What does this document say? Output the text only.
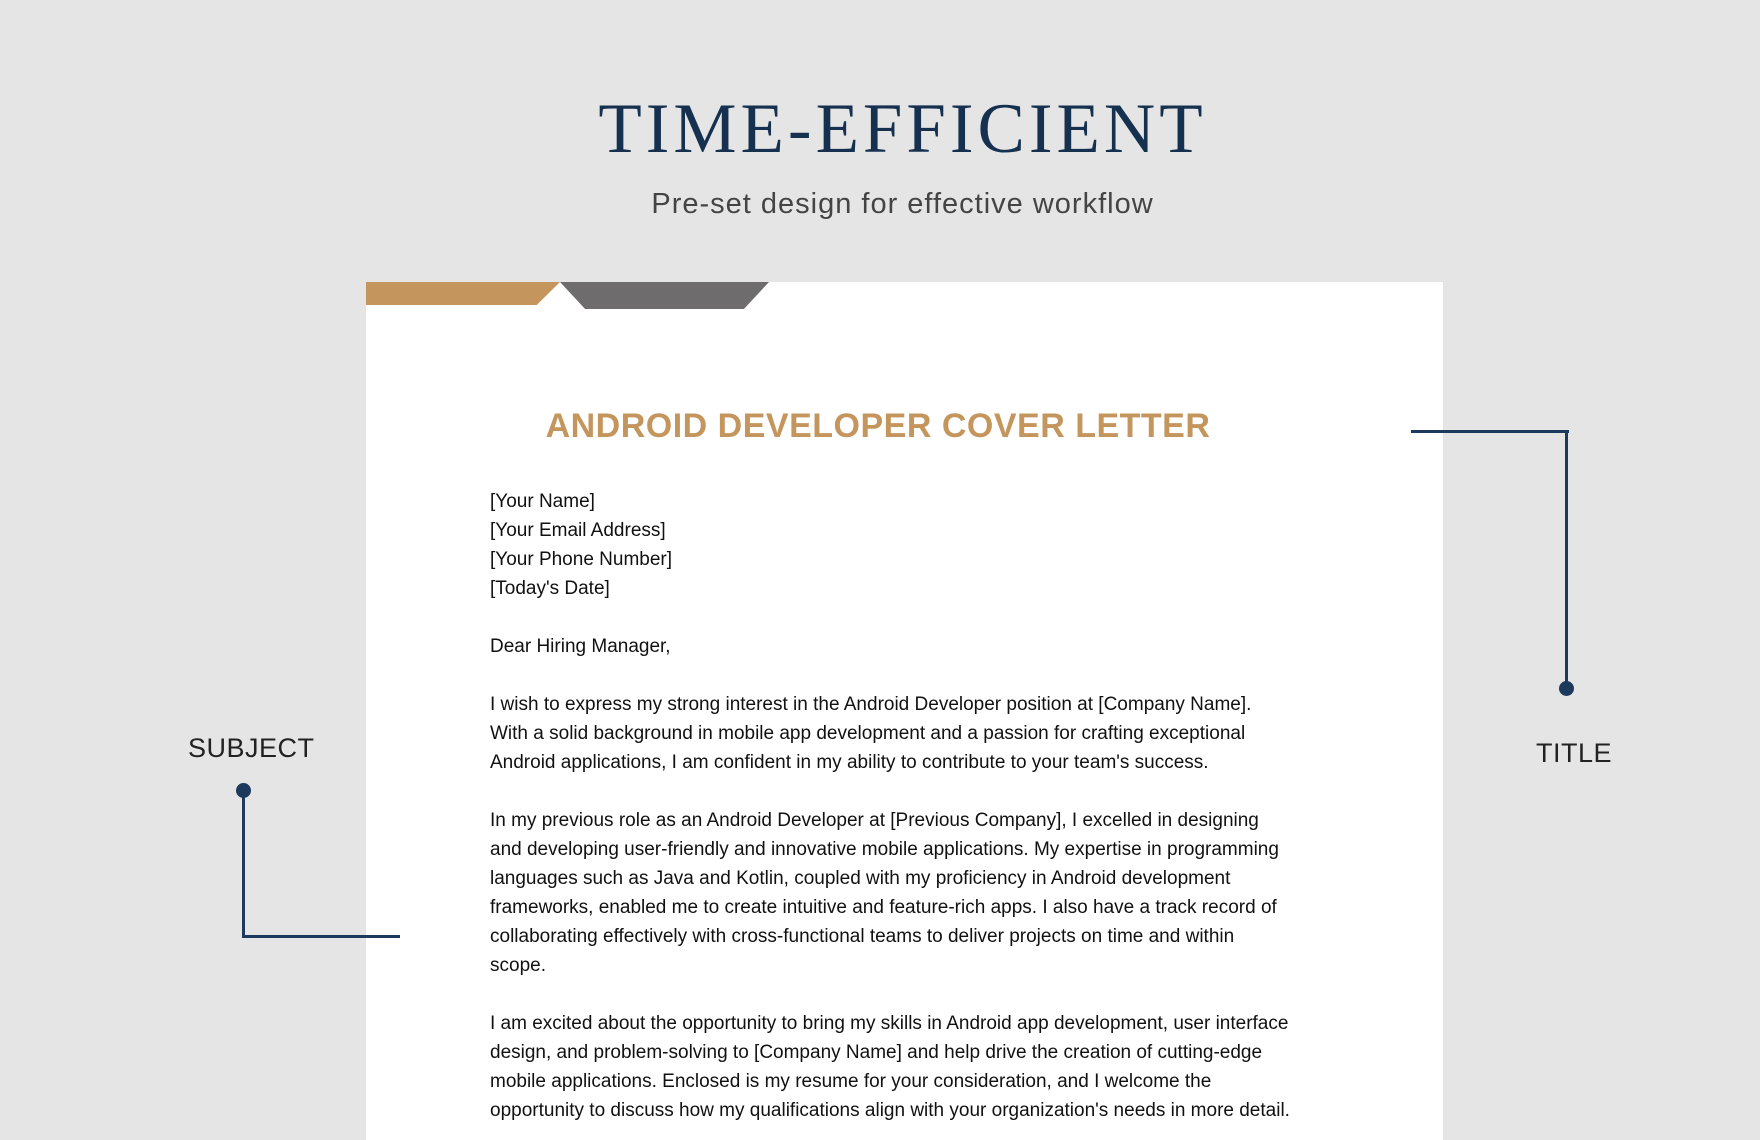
TIME-EFFICIENT
Pre-set design for effective workflow
ANDROID DEVELOPER COVER LETTER

[Your Name]
[Your Email Address]
[Your Phone Number]
[Today's Date]

Dear Hiring Manager,

I wish to express my strong interest in the Android Developer position at [Company Name]. With a solid background in mobile app development and a passion for crafting exceptional Android applications, I am confident in my ability to contribute to your team's success.

In my previous role as an Android Developer at [Previous Company], I excelled in designing and developing user-friendly and innovative mobile applications. My expertise in programming languages such as Java and Kotlin, coupled with my proficiency in Android development frameworks, enabled me to create intuitive and feature-rich apps. I also have a track record of collaborating effectively with cross-functional teams to deliver projects on time and within scope.

I am excited about the opportunity to bring my skills in Android app development, user interface design, and problem-solving to [Company Name] and help drive the creation of cutting-edge mobile applications. Enclosed is my resume for your consideration, and I welcome the opportunity to discuss how my qualifications align with your organization's needs in more detail.

SUBJECT	TITLE
